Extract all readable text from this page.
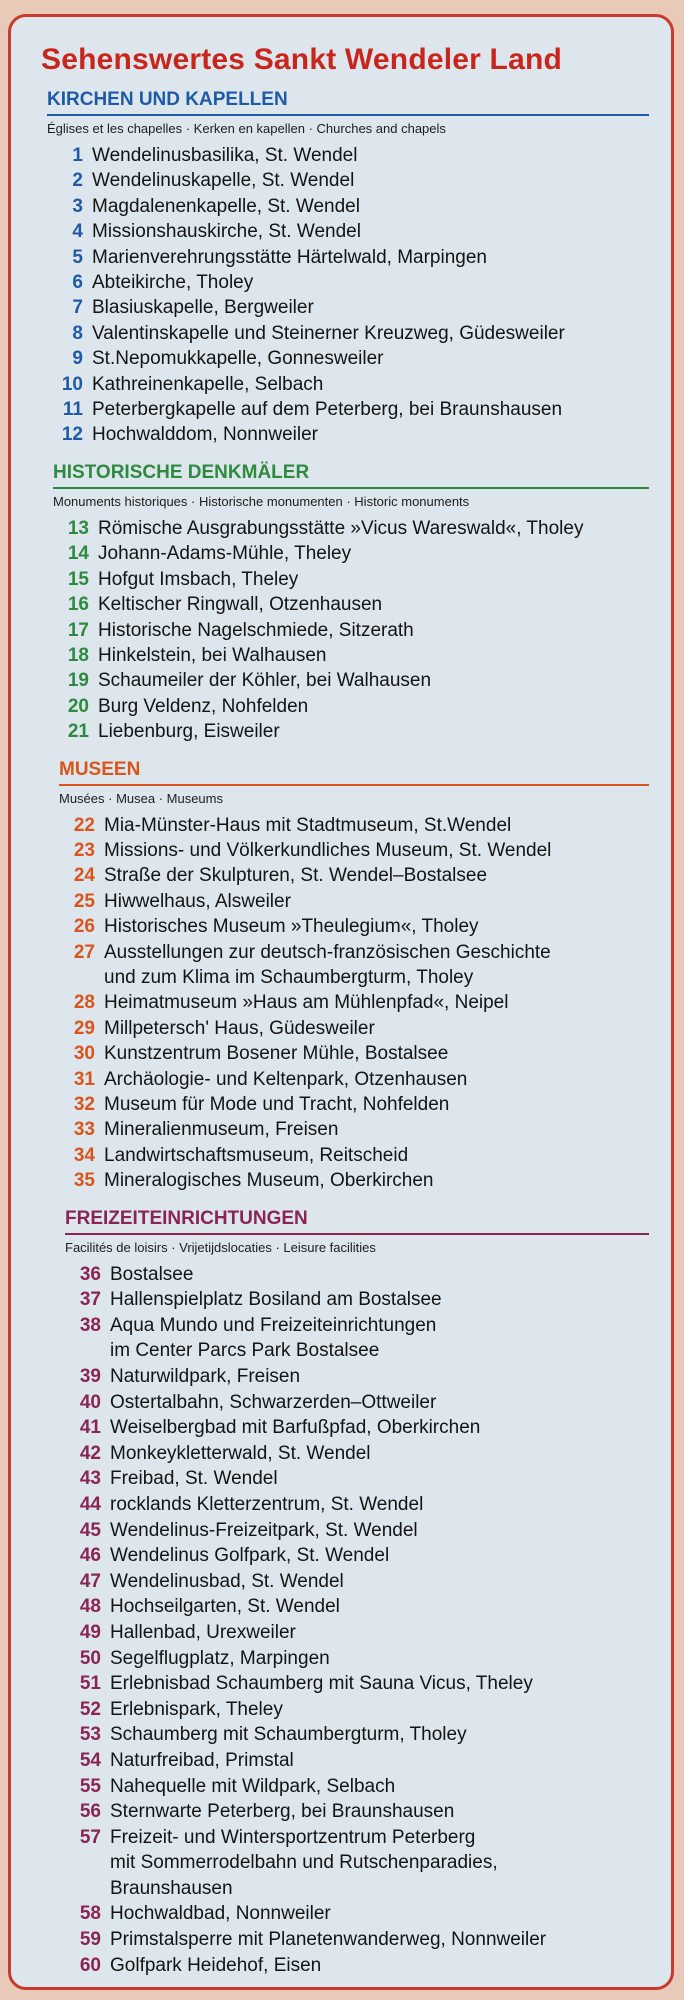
Sehenswertes Sankt Wendeler Land
KIRCHEN UND KAPELLEN
Églises et les chapelles · Kerken en kapellen · Churches and chapels
1 Wendelinusbasilika, St. Wendel
2 Wendelinuskapelle, St. Wendel
3 Magdalenenkapelle, St. Wendel
4 Missionshauskirche, St. Wendel
5 Marienverehrungsstätte Härtelwald, Marpingen
6 Abteikirche, Tholey
7 Blasiuskapelle, Bergweiler
8 Valentinskapelle und Steinerner Kreuzweg, Güdesweiler
9 St.Nepomukkapelle, Gonnesweiler
10 Kathreinenkapelle, Selbach
11 Peterbergkapelle auf dem Peterberg, bei Braunshausen
12 Hochwalddom, Nonnweiler
HISTORISCHE DENKMÄLER
Monuments historiques · Historische monumenten · Historic monuments
13 Römische Ausgrabungsstätte »Vicus Wareswald«, Tholey
14 Johann-Adams-Mühle, Theley
15 Hofgut Imsbach, Theley
16 Keltischer Ringwall, Otzenhausen
17 Historische Nagelschmiede, Sitzerath
18 Hinkelstein, bei Walhausen
19 Schaumeiler der Köhler, bei Walhausen
20 Burg Veldenz, Nohfelden
21 Liebenburg, Eisweiler
MUSEEN
Musées · Musea · Museums
22 Mia-Münster-Haus mit Stadtmuseum, St.Wendel
23 Missions- und Völkerkundliches Museum, St. Wendel
24 Straße der Skulpturen, St. Wendel–Bostalsee
25 Hiwwelhaus, Alsweiler
26 Historisches Museum »Theulegium«, Tholey
27 Ausstellungen zur deutsch-französischen Geschichte
und zum Klima im Schaumbergturm, Tholey
28 Heimatmuseum »Haus am Mühlenpfad«, Neipel
29 Millpetersch' Haus, Güdesweiler
30 Kunstzentrum Bosener Mühle, Bostalsee
31 Archäologie- und Keltenpark, Otzenhausen
32 Museum für Mode und Tracht, Nohfelden
33 Mineralienmuseum, Freisen
34 Landwirtschaftsmuseum, Reitscheid
35 Mineralogisches Museum, Oberkirchen
FREIZEITEINRICHTUNGEN
Facilités de loisirs · Vrijetijdslocaties · Leisure facilities
36 Bostalsee
37 Hallenspielplatz Bosiland am Bostalsee
38 Aqua Mundo und Freizeiteinrichtungen
im Center Parcs Park Bostalsee
39 Naturwildpark, Freisen
40 Ostertalbahn, Schwarzerden–Ottweiler
41 Weiselbergbad mit Barfußpfad, Oberkirchen
42 Monkeykletterwald, St. Wendel
43 Freibad, St. Wendel
44 rocklands Kletterzentrum, St. Wendel
45 Wendelinus-Freizeitpark, St. Wendel
46 Wendelinus Golfpark, St. Wendel
47 Wendelinusbad, St. Wendel
48 Hochseilgarten, St. Wendel
49 Hallenbad, Urexweiler
50 Segelflugplatz, Marpingen
51 Erlebnisbad Schaumberg mit Sauna Vicus, Theley
52 Erlebnispark, Theley
53 Schaumberg mit Schaumbergturm, Tholey
54 Naturfreibad, Primstal
55 Nahequelle mit Wildpark, Selbach
56 Sternwarte Peterberg, bei Braunshausen
57 Freizeit- und Wintersportzentrum Peterberg
mit Sommerrodelbahn und Rutschenparadies,
Braunshausen
58 Hochwaldbad, Nonnweiler
59 Primstalsperre mit Planetenwanderweg, Nonnweiler
60 Golfpark Heidehof, Eisen
